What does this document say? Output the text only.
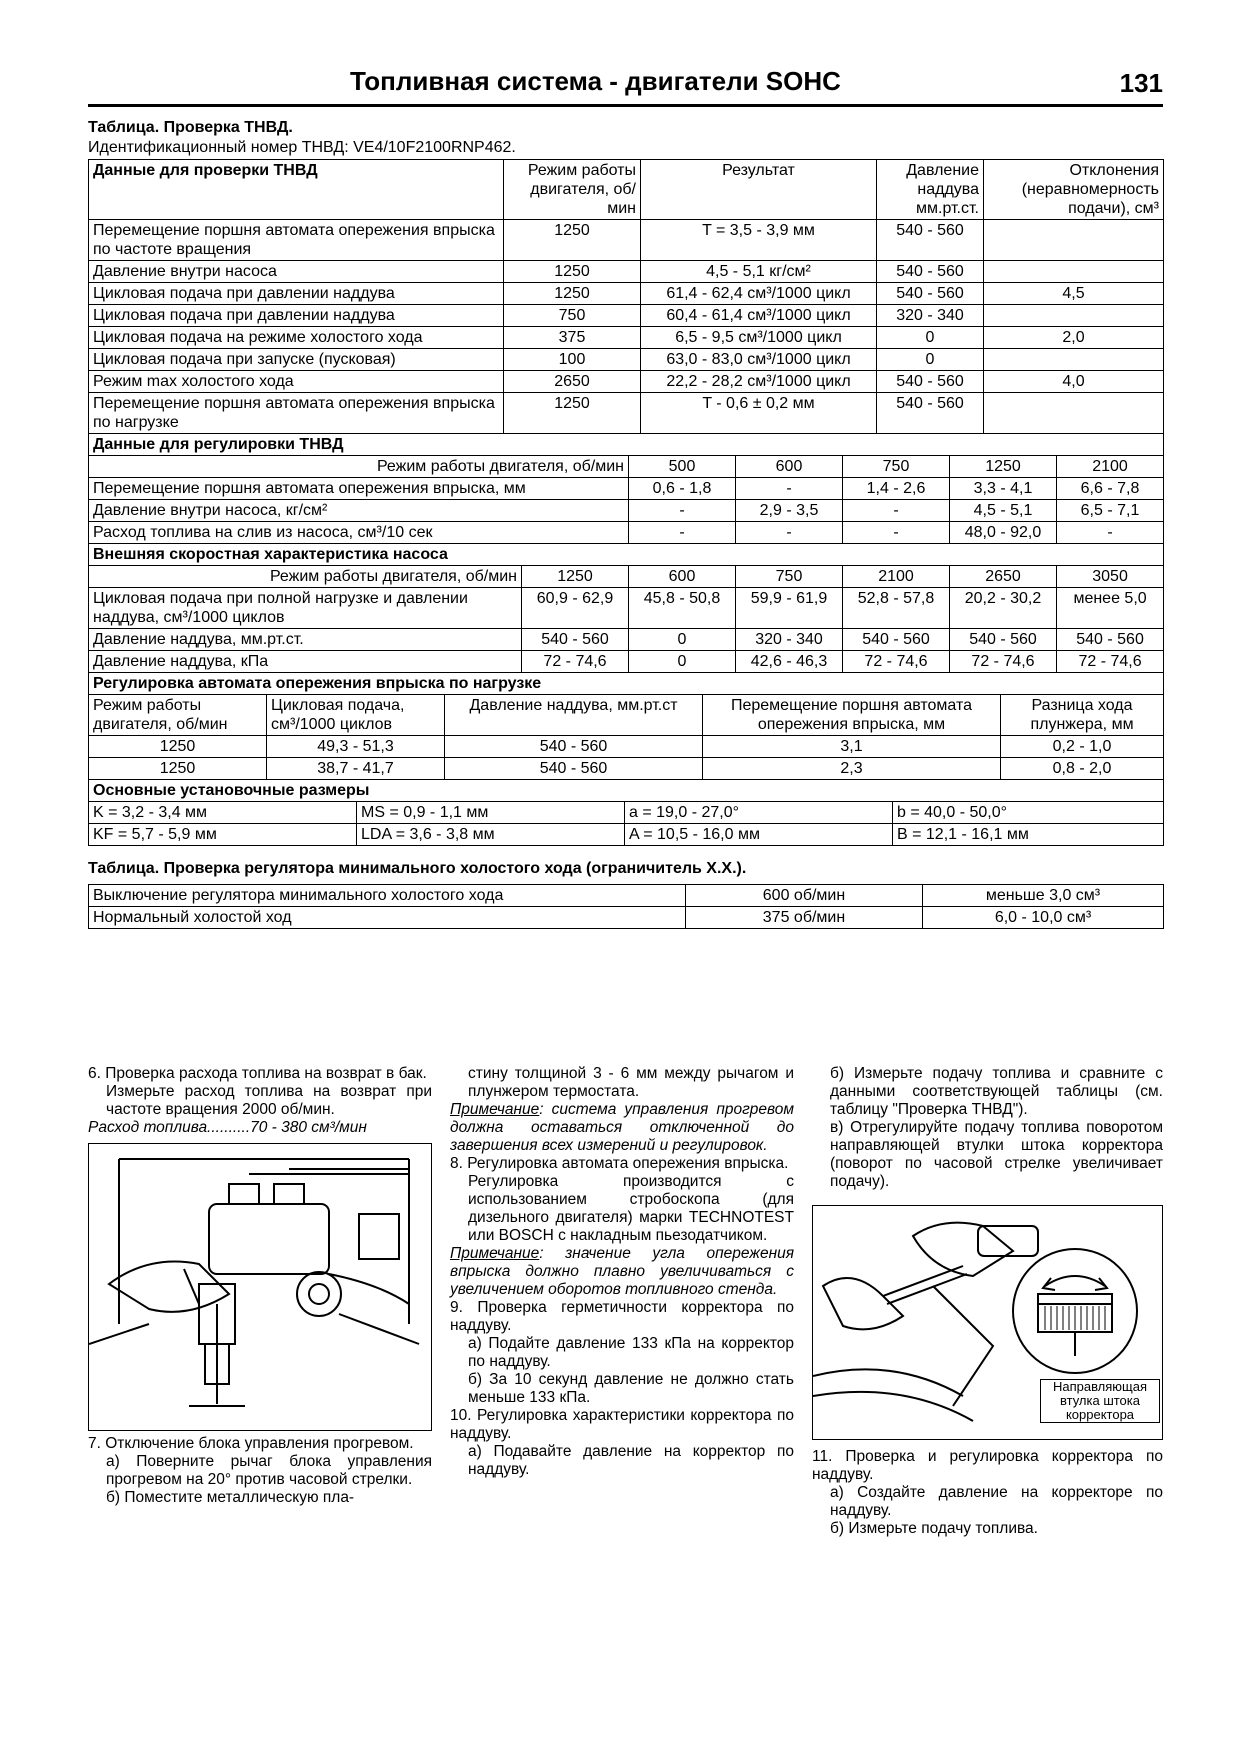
Топливная система - двигатели SOHC	131
Таблица. Проверка ТНВД.
Идентификационный номер ТНВД: VE4/10F2100RNP462.
Данные для проверки ТНВД	Режим работы двигателя, об/мин	Результат	Давление наддува мм.рт.ст.	Отклонения (неравномерность подачи), см³
Перемещение поршня автомата опережения впрыска по частоте вращения	1250	T = 3,5 - 3,9 мм	540 - 560	
Давление внутри насоса	1250	4,5 - 5,1 кг/см²	540 - 560	
Цикловая подача при давлении наддува	1250	61,4 - 62,4 см³/1000 цикл	540 - 560	4,5
Цикловая подача при давлении наддува	750	60,4 - 61,4 см³/1000 цикл	320 - 340	
Цикловая подача на режиме холостого хода	375	6,5 - 9,5 см³/1000 цикл	0	2,0
Цикловая подача при запуске (пусковая)	100	63,0 - 83,0 см³/1000 цикл	0	
Режим max холостого хода	2650	22,2 - 28,2 см³/1000 цикл	540 - 560	4,0
Перемещение поршня автомата опережения впрыска по нагрузке	1250	T - 0,6 ± 0,2 мм	540 - 560	
Данные для регулировки ТНВД					
Режим работы двигателя, об/мин	500	600	750	1250	2100
Перемещение поршня автомата опережения впрыска, мм	0,6 - 1,8	-	1,4 - 2,6	3,3 - 4,1	6,6 - 7,8
Давление внутри насоса, кг/см²	-	2,9 - 3,5	-	4,5 - 5,1	6,5 - 7,1
Расход топлива на слив из насоса, см³/10 сек	-	-	-	48,0 - 92,0	-
Внешняя скоростная характеристика насоса						
Режим работы двигателя, об/мин	1250	600	750	2100	2650	3050
Цикловая подача при полной нагрузке и давлении наддува, см³/1000 циклов	60,9 - 62,9	45,8 - 50,8	59,9 - 61,9	52,8 - 57,8	20,2 - 30,2	менее 5,0
Давление наддува, мм.рт.ст.	540 - 560	0	320 - 340	540 - 560	540 - 560	540 - 560
Давление наддува, кПа	72 - 74,6	0	42,6 - 46,3	72 - 74,6	72 - 74,6	72 - 74,6
Регулировка автомата опережения впрыска по нагрузке				
Режим работы двигателя, об/мин	Цикловая подача, см³/1000 циклов	Давление наддува, мм.рт.ст	Перемещение поршня автомата опережения впрыска, мм	Разница хода плунжера, мм
1250	49,3 - 51,3	540 - 560	3,1	0,2 - 1,0
1250	38,7 - 41,7	540 - 560	2,3	0,8 - 2,0
Основные установочные размеры			
K = 3,2 - 3,4 мм	MS = 0,9 - 1,1 мм	a = 19,0 - 27,0°	b = 40,0 - 50,0°
KF = 5,7 - 5,9 мм	LDA = 3,6 - 3,8 мм	A = 10,5 - 16,0 мм	B = 12,1 - 16,1 мм
Таблица. Проверка регулятора минимального холостого хода (ограничитель Х.Х.).
Выключение регулятора минимального холостого хода	600 об/мин	меньше 3,0 см³
Нормальный холостой ход	375 об/мин	6,0 - 10,0 см³

6. Проверка расхода топлива на возврат в бак.

Измерьте расход топлива на возврат при частоте вращения 2000 об/мин.

Расход топлива..........70 - 380 см³/мин

7. Отключение блока управления прогревом.

а) Поверните рычаг блока управления прогревом на 20° против часовой стрелки.

б) Поместите металлическую пла-

стину толщиной 3 - 6 мм между рычагом и плунжером термостата.

Примечание: система управления прогревом должна оставаться отключенной до завершения всех измерений и регулировок.

8. Регулировка автомата опережения впрыска.

Регулировка производится с использованием стробоскопа (для дизельного двигателя) марки TECHNOTEST или BOSCH с накладным пьезодатчиком.

Примечание: значение угла опережения впрыска должно плавно увеличиваться с увеличением оборотов топливного стенда.

9. Проверка герметичности корректора по наддуву.

а) Подайте давление 133 кПа на корректор по наддуву.

б) За 10 секунд давление не должно стать меньше 133 кПа.

10. Регулировка характеристики корректора по наддуву.

а) Подавайте давление на корректор по наддуву.

б) Измерьте подачу топлива и сравните с данными соответствующей таблицы (см. таблицу "Проверка ТНВД").

в) Отрегулируйте подачу топлива поворотом направляющей втулки штока корректора (поворот по часовой стрелке увеличивает подачу).

Направляющая втулка штока корректора

11. Проверка и регулировка корректора по наддуву.

а) Создайте давление на корректоре по наддуву.

б) Измерьте подачу топлива.
